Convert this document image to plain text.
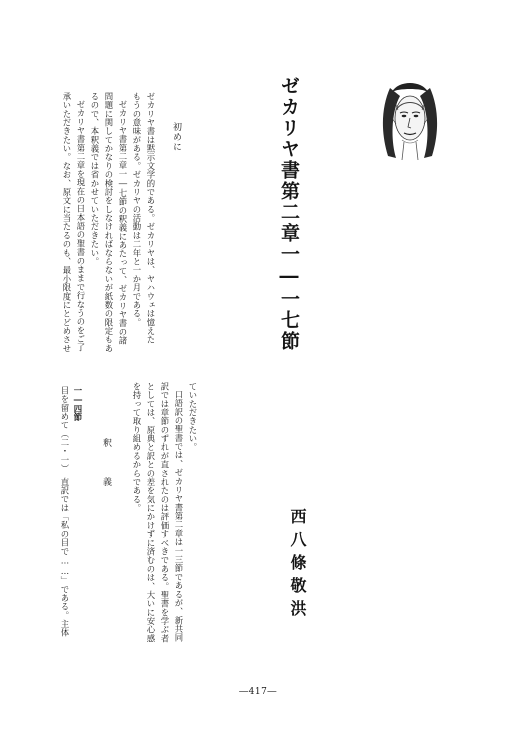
ゼカリヤ書第二章一―一七節
西八條敬洪
初めに
ゼカリヤ書は黙示文学的である。ゼカリヤは、ヤハウェは憶えた
もうの意味がある。ゼカリヤの活動は二年と一か月である。
ゼカリヤ書第二章一―七節の釈義にあたって、ゼカリヤ書の諸
問題に関してかなりの検討をしなければならないが紙数の限定もあ
るので、本釈義では省かせていただきたい。
ゼカリヤ書第二章を現在の日本語の聖書のままで行なうのをご了
承いただきたい。なお、原文に当たるのも、最小限度にとどめさせ
ていただきたい。
口語訳の聖書では、ゼカリヤ書第二章は一三節であるが、新共同
訳では章節のずれが直されたのは評価すべきである。聖書を学ぶ者
としては、原典と訳との差を気にかけずに済むのは、大いに安心感
を持って取り組めるからである。
釈 義
一―四節
目を留めて（二・一）　直訳では「私の目で……」である。主体
―417―
